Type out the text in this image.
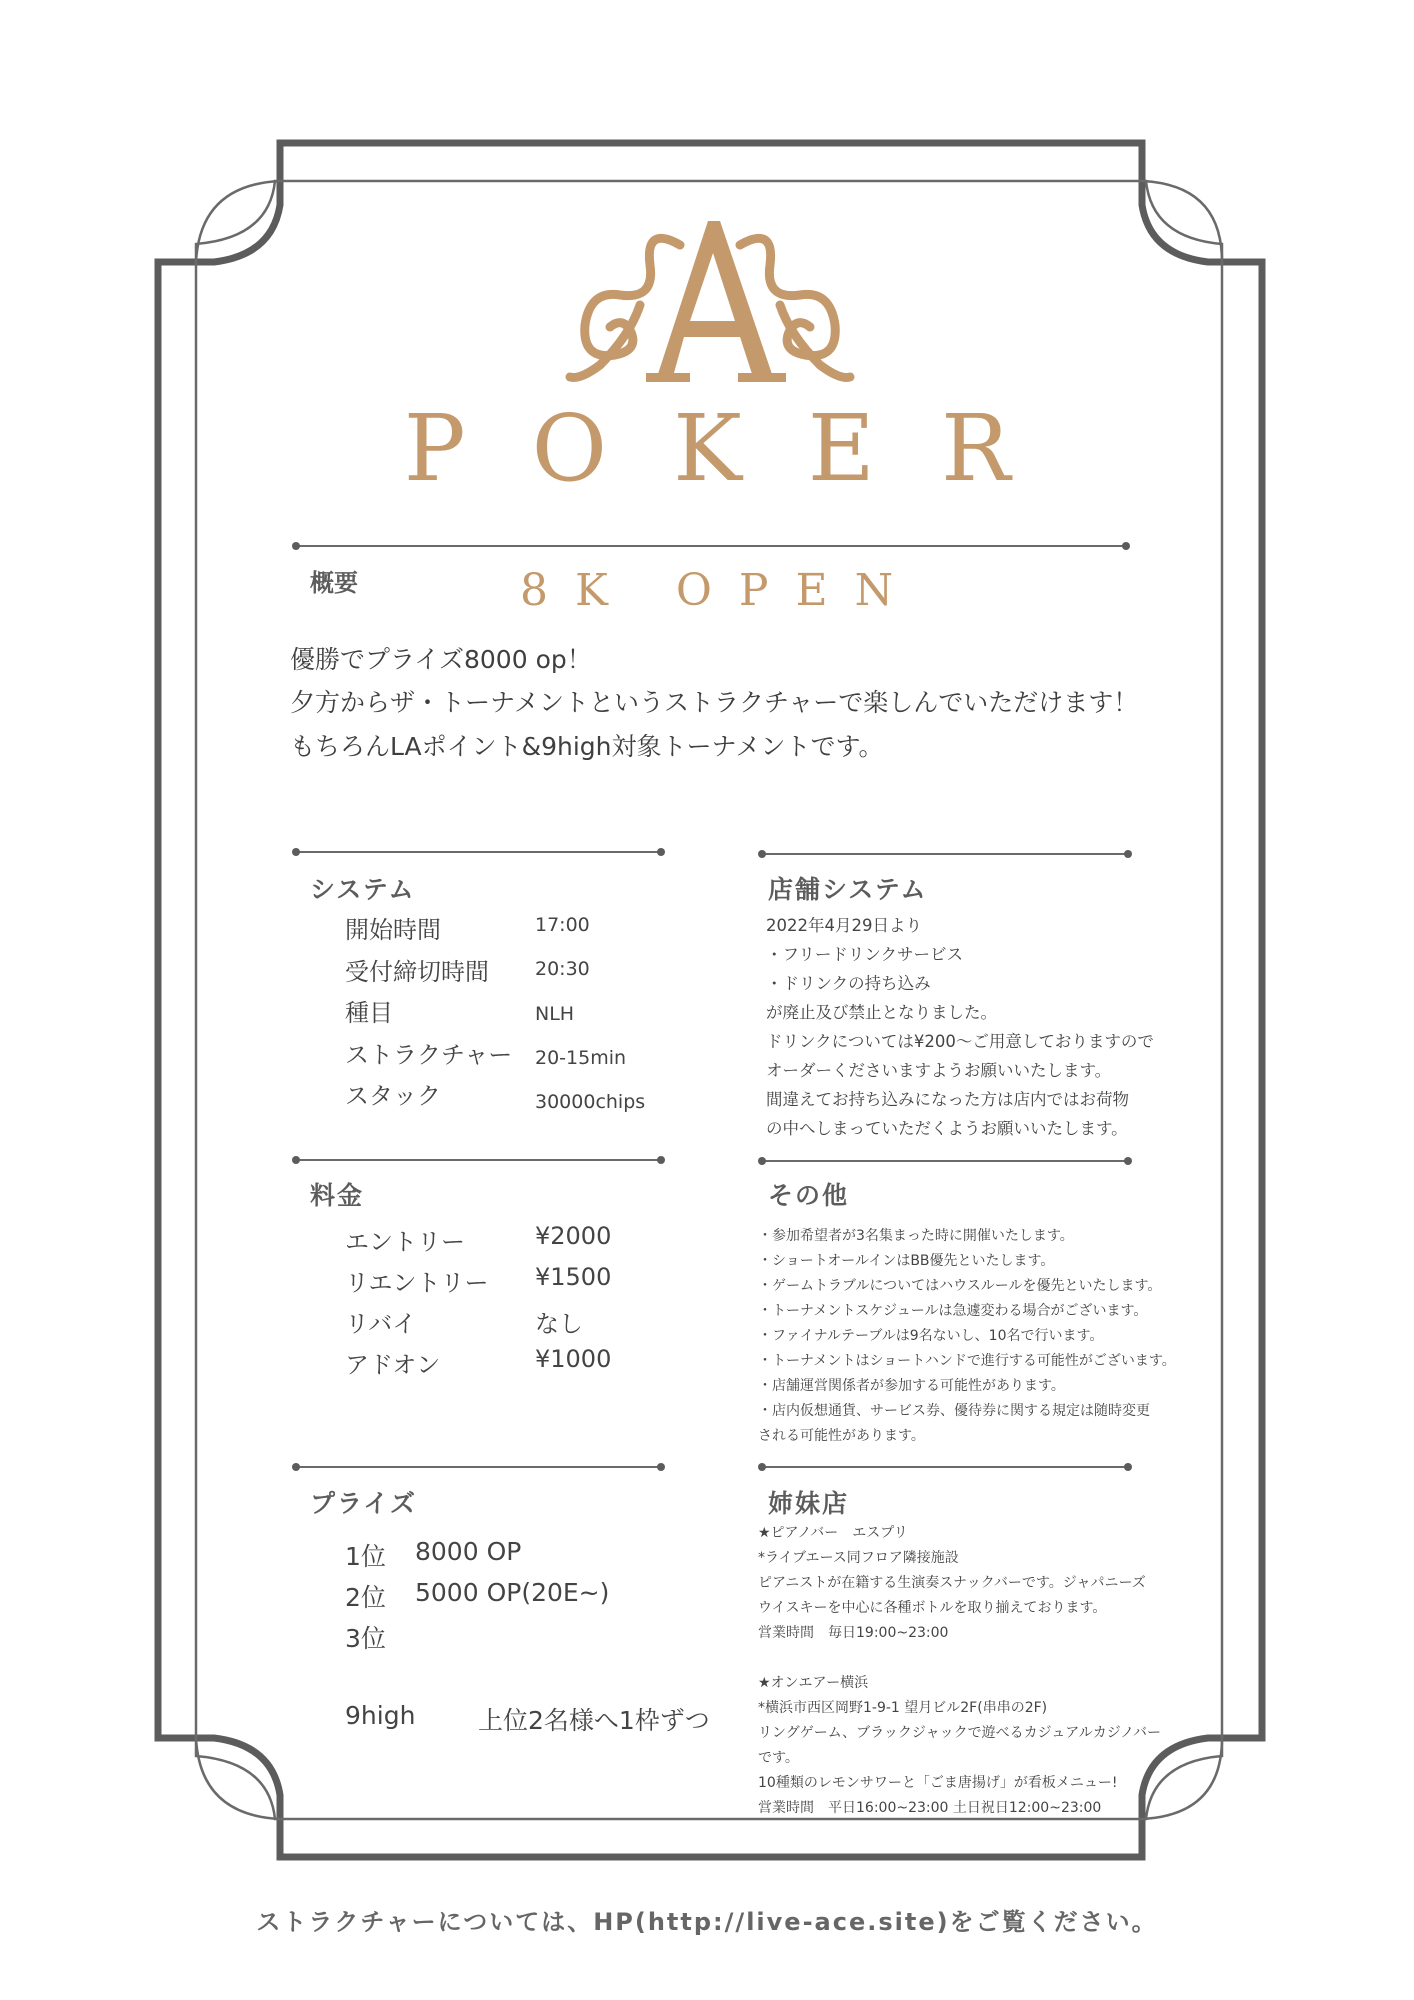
POKER
概要	8K OPEN
優勝でプライズ8000 op！
夕方からザ・トーナメントというストラクチャーで楽しんでいただけます！
もちろんLAポイント&9high対象トーナメントです。
システム
開始時間	17:00
受付締切時間 20:30
種目	NLH
ストラクチャー 20-15min
スタック	30000chips
店舗システム
2022年4月29日より
・フリードリンクサービス
・ドリンクの持ち込み
が廃止及び禁止となりました。
ドリンクについては¥200～ご用意しておりますので
オーダーくださいますようお願いいたします。
間違えてお持ち込みになった方は店内ではお荷物
の中へしまっていただくようお願いいたします。
料金
エントリー	¥2000
リエントリー ¥1500
リバイ	なし
アドオン	¥1000
その他
・参加希望者が3名集まった時に開催いたします。
・ショートオールインはBB優先といたします。
・ゲームトラブルについてはハウスルールを優先といたします。
・トーナメントスケジュールは急遽変わる場合がございます。
・ファイナルテーブルは9名ないし、10名で行います。
・トーナメントはショートハンドで進行する可能性がございます。
・店舗運営関係者が参加する可能性があります。
・店内仮想通貨、サービス券、優待券に関する規定は随時変更
される可能性があります。
プライズ
1位 8000 OP
2位 5000 OP(20E~)
3位
9high	上位2名様へ1枠ずつ
姉妹店
★ピアノバー　エスプリ
*ライブエース同フロア隣接施設
ピアニストが在籍する生演奏スナックバーです。ジャパニーズ
ウイスキーを中心に各種ボトルを取り揃えております。
営業時間　毎日19:00~23:00
★オンエアー横浜
*横浜市西区岡野1-9-1 望月ビル2F(串串の2F)
リングゲーム、ブラックジャックで遊べるカジュアルカジノバー
です。
10種類のレモンサワーと「ごま唐揚げ」が看板メニュー!
営業時間　平日16:00~23:00 土日祝日12:00~23:00
ストラクチャーについては、HP(http://live-ace.site)をご覧ください。
